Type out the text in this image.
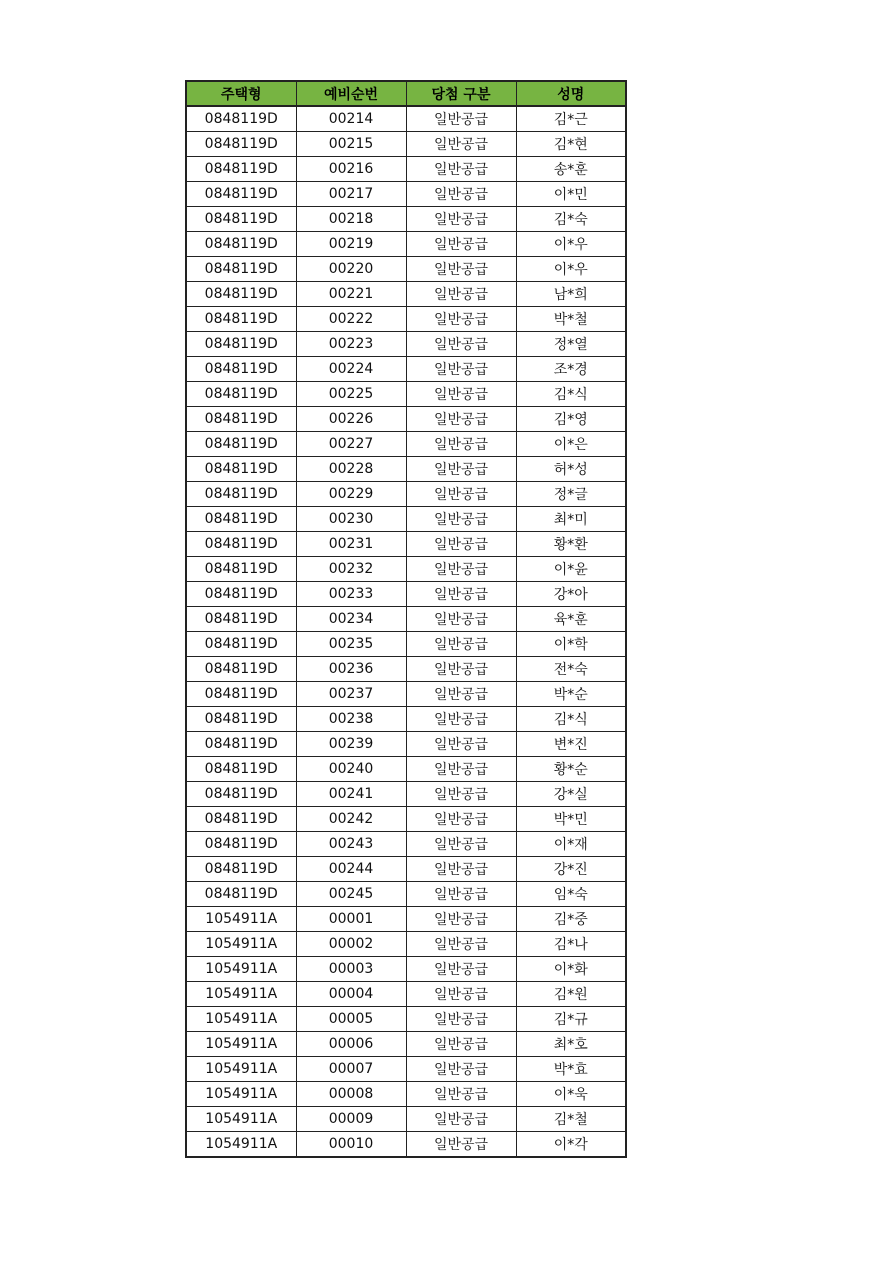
주택형	예비순번	당첨 구분	성명
0848119D	00214	일반공급	김*근
0848119D	00215	일반공급	김*현
0848119D	00216	일반공급	송*훈
0848119D	00217	일반공급	이*민
0848119D	00218	일반공급	김*숙
0848119D	00219	일반공급	이*우
0848119D	00220	일반공급	이*우
0848119D	00221	일반공급	남*희
0848119D	00222	일반공급	박*철
0848119D	00223	일반공급	정*열
0848119D	00224	일반공급	조*경
0848119D	00225	일반공급	김*식
0848119D	00226	일반공급	김*영
0848119D	00227	일반공급	이*은
0848119D	00228	일반공급	허*성
0848119D	00229	일반공급	정*글
0848119D	00230	일반공급	최*미
0848119D	00231	일반공급	황*환
0848119D	00232	일반공급	이*윤
0848119D	00233	일반공급	강*아
0848119D	00234	일반공급	육*훈
0848119D	00235	일반공급	이*학
0848119D	00236	일반공급	전*숙
0848119D	00237	일반공급	박*순
0848119D	00238	일반공급	김*식
0848119D	00239	일반공급	변*진
0848119D	00240	일반공급	황*순
0848119D	00241	일반공급	강*실
0848119D	00242	일반공급	박*민
0848119D	00243	일반공급	이*재
0848119D	00244	일반공급	강*진
0848119D	00245	일반공급	임*숙
1054911A	00001	일반공급	김*중
1054911A	00002	일반공급	김*나
1054911A	00003	일반공급	이*화
1054911A	00004	일반공급	김*원
1054911A	00005	일반공급	김*규
1054911A	00006	일반공급	최*호
1054911A	00007	일반공급	박*효
1054911A	00008	일반공급	이*욱
1054911A	00009	일반공급	김*철
1054911A	00010	일반공급	이*각
